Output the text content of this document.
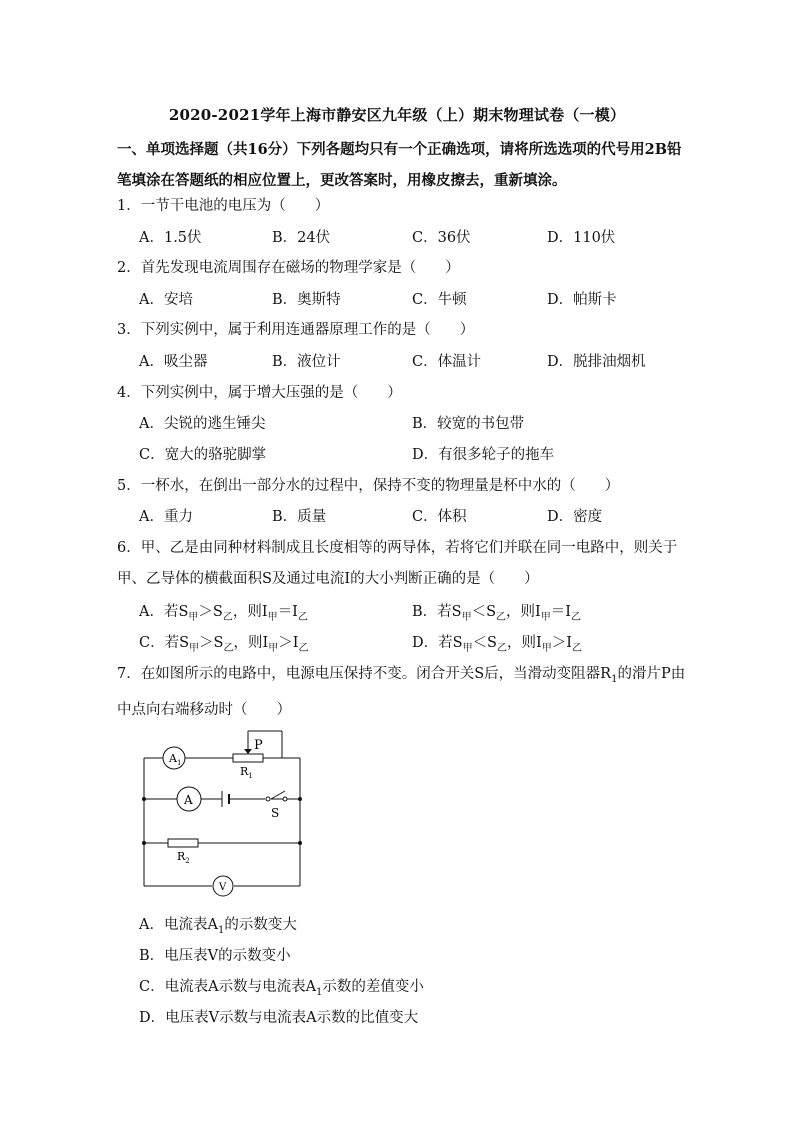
2020-2021学年上海市静安区九年级（上）期末物理试卷（一模）
一、单项选择题（共16分）下列各题均只有一个正确选项，请将所选选项的代号用2B铅笔填涂在答题纸的相应位置上，更改答案时，用橡皮擦去，重新填涂。
1．一节干电池的电压为（　　）
A．1.5伏	B．24伏	C．36伏	D．110伏
2．首先发现电流周围存在磁场的物理学家是（　　）
A．安培	B．奥斯特	C．牛顿	D．帕斯卡
3．下列实例中，属于利用连通器原理工作的是（　　）
A．吸尘器	B．液位计	C．体温计	D．脱排油烟机
4．下列实例中，属于增大压强的是（　　）
A．尖锐的逃生锤尖	B．较宽的书包带
C．宽大的骆驼脚掌	D．有很多轮子的拖车
5．一杯水，在倒出一部分水的过程中，保持不变的物理量是杯中水的（　　）
A．重力	B．质量	C．体积	D．密度
6．甲、乙是由同种材料制成且长度相等的两导体，若将它们并联在同一电路中，则关于甲、乙导体的横截面积S及通过电流I的大小判断正确的是（　　）
A．若$S_甲>S_乙$，则$I_甲=I_乙$	B．若$S_甲<S_乙$，则$I_甲=I_乙$
C．若$S_甲>S_乙$，则$I_甲>I_乙$	D．若$S_甲<S_乙$，则$I_甲>I_乙$
7．在如图所示的电路中，电源电压保持不变。闭合开关S后，当滑动变阻器$R_1$的滑片P由中点向右端移动时（　　）
$A_1$
P
$R_1$
A
S
$R_2$
V
A．电流表$A_1$的示数变大
B．电压表V的示数变小
C．电流表A示数与电流表$A_1$示数的差值变小
D．电压表V示数与电流表A示数的比值变大
